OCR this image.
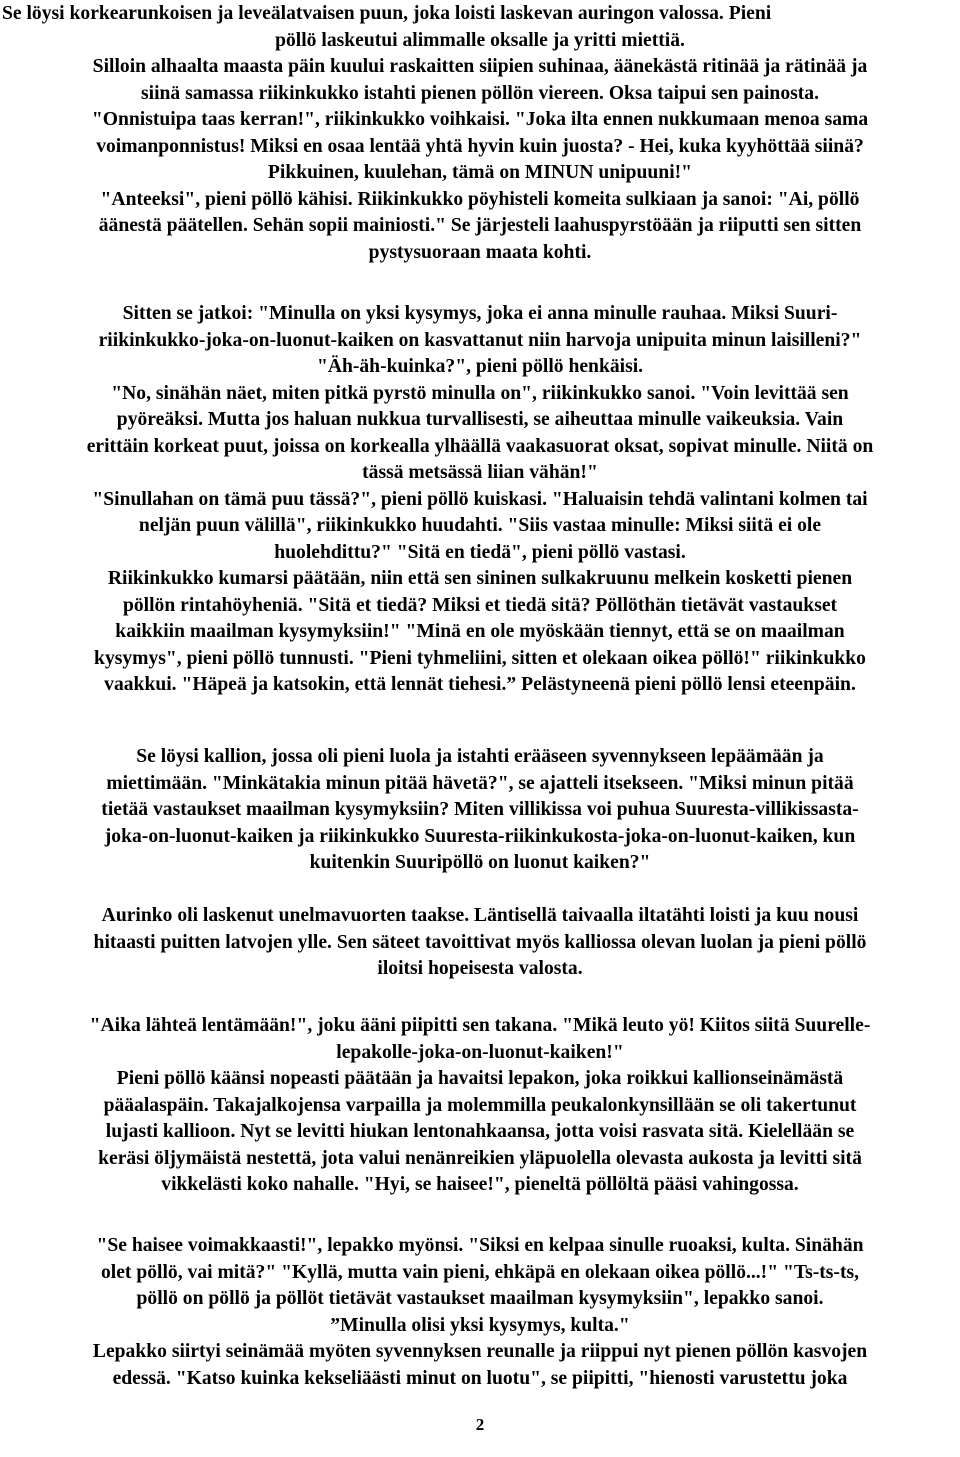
Se löysi korkearunkoisen ja leveälatvaisen puun, joka loisti laskevan auringon valossa. Pieni
pöllö laskeutui alimmalle oksalle ja yritti miettiä.
Silloin alhaalta maasta päin kuului raskaitten siipien suhinaa, äänekästä ritinää ja rätinää ja
siinä samassa riikinkukko istahti pienen pöllön viereen. Oksa taipui sen painosta.
"Onnistuipa taas kerran!", riikinkukko voihkaisi. "Joka ilta ennen nukkumaan menoa sama
voimanponnistus! Miksi en osaa lentää yhtä hyvin kuin juosta? - Hei, kuka kyyhöttää siinä?
Pikkuinen, kuulehan, tämä on MINUN unipuuni!"
"Anteeksi", pieni pöllö kähisi. Riikinkukko pöyhisteli komeita sulkiaan ja sanoi: "Ai, pöllö
äänestä päätellen. Sehän sopii mainiosti." Se järjesteli laahuspyrstöään ja riiputti sen sitten
pystysuoraan maata kohti.
Sitten se jatkoi: "Minulla on yksi kysymys, joka ei anna minulle rauhaa. Miksi Suuri-
riikinkukko-joka-on-luonut-kaiken on kasvattanut niin harvoja unipuita minun laisilleni?"
"Äh-äh-kuinka?", pieni pöllö henkäisi.
"No, sinähän näet, miten pitkä pyrstö minulla on", riikinkukko sanoi. "Voin levittää sen
pyöreäksi. Mutta jos haluan nukkua turvallisesti, se aiheuttaa minulle vaikeuksia. Vain
erittäin korkeat puut, joissa on korkealla ylhäällä vaakasuorat oksat, sopivat minulle. Niitä on
tässä metsässä liian vähän!"
"Sinullahan on tämä puu tässä?", pieni pöllö kuiskasi. "Haluaisin tehdä valintani kolmen tai
neljän puun välillä", riikinkukko huudahti. "Siis vastaa minulle: Miksi siitä ei ole
huolehdittu?" "Sitä en tiedä", pieni pöllö vastasi.
Riikinkukko kumarsi päätään, niin että sen sininen sulkakruunu melkein kosketti pienen
pöllön rintahöyheniä. "Sitä et tiedä? Miksi et tiedä sitä? Pöllöthän tietävät vastaukset
kaikkiin maailman kysymyksiin!" "Minä en ole myöskään tiennyt, että se on maailman
kysymys", pieni pöllö tunnusti. "Pieni tyhmeliini, sitten et olekaan oikea pöllö!" riikinkukko
vaakkui. "Häpeä ja katsokin, että lennät tiehesi.” Pelästyneenä pieni pöllö lensi eteenpäin.
Se löysi kallion, jossa oli pieni luola ja istahti erääseen syvennykseen lepäämään ja
miettimään. "Minkätakia minun pitää hävetä?", se ajatteli itsekseen. "Miksi minun pitää
tietää vastaukset maailman kysymyksiin? Miten villikissa voi puhua Suuresta-villikissasta-
joka-on-luonut-kaiken ja riikinkukko Suuresta-riikinkukosta-joka-on-luonut-kaiken, kun
kuitenkin Suuripöllö on luonut kaiken?"
Aurinko oli laskenut unelmavuorten taakse. Läntisellä taivaalla iltatähti loisti ja kuu nousi
hitaasti puitten latvojen ylle. Sen säteet tavoittivat myös kalliossa olevan luolan ja pieni pöllö
iloitsi hopeisesta valosta.
"Aika lähteä lentämään!", joku ääni piipitti sen takana. "Mikä leuto yö! Kiitos siitä Suurelle-
lepakolle-joka-on-luonut-kaiken!"
Pieni pöllö käänsi nopeasti päätään ja havaitsi lepakon, joka roikkui kallionseinämästä
pääalaspäin. Takajalkojensa varpailla ja molemmilla peukalonkynsillään se oli takertunut
lujasti kallioon. Nyt se levitti hiukan lentonahkaansa, jotta voisi rasvata sitä. Kielellään se
keräsi öljymäistä nestettä, jota valui nenänreikien yläpuolella olevasta aukosta ja levitti sitä
vikkelästi koko nahalle. "Hyi, se haisee!", pieneltä pöllöltä pääsi vahingossa.
"Se haisee voimakkaasti!", lepakko myönsi. "Siksi en kelpaa sinulle ruoaksi, kulta. Sinähän
olet pöllö, vai mitä?" "Kyllä, mutta vain pieni, ehkäpä en olekaan oikea pöllö...!" "Ts-ts-ts,
pöllö on pöllö ja pöllöt tietävät vastaukset maailman kysymyksiin", lepakko sanoi.
”Minulla olisi yksi kysymys, kulta."
Lepakko siirtyi seinämää myöten syvennyksen reunalle ja riippui nyt pienen pöllön kasvojen
edessä. "Katso kuinka kekseliäästi minut on luotu", se piipitti, "hienosti varustettu joka
2
